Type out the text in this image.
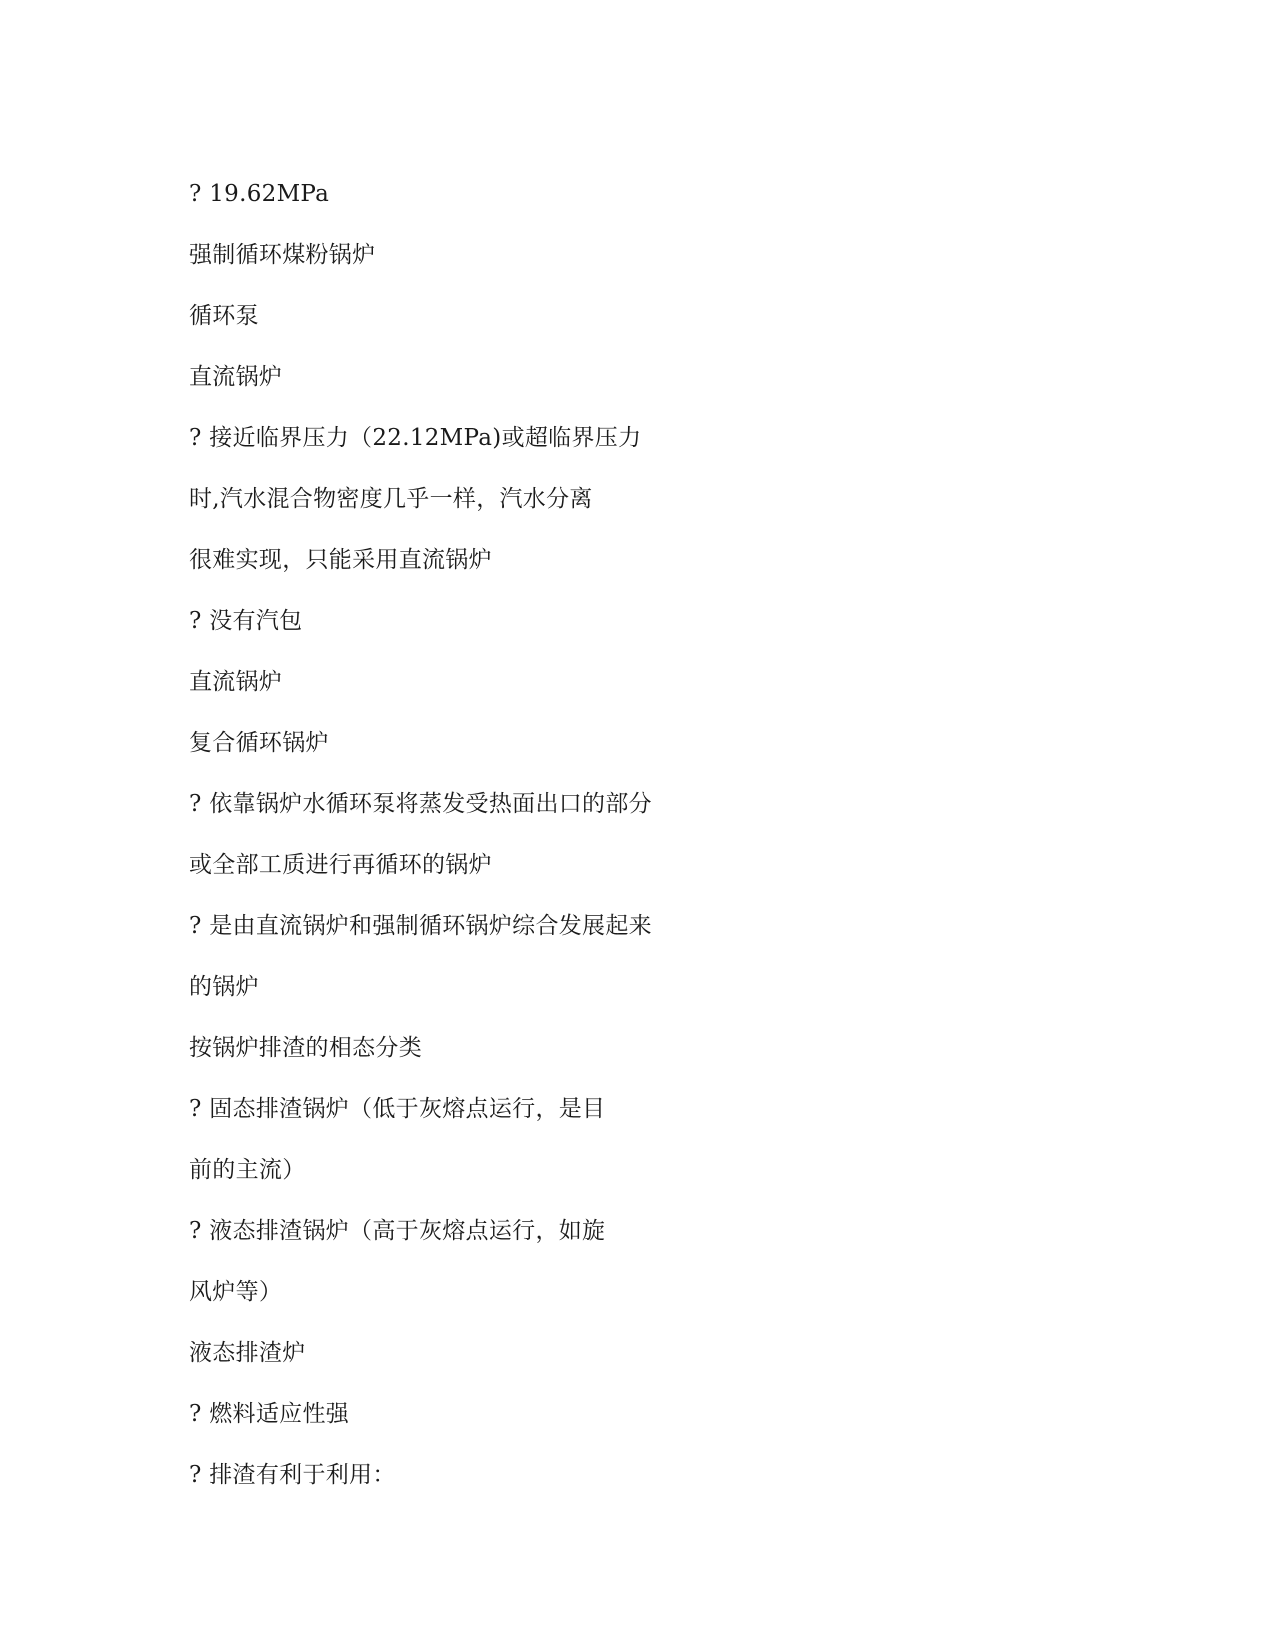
? 19.62MPa
强制循环煤粉锅炉
循环泵
直流锅炉
? 接近临界压力（22.12MPa)或超临界压力
时,汽水混合物密度几乎一样，汽水分离
很难实现，只能采用直流锅炉
? 没有汽包
直流锅炉
复合循环锅炉
? 依靠锅炉水循环泵将蒸发受热面出口的部分
或全部工质进行再循环的锅炉
? 是由直流锅炉和强制循环锅炉综合发展起来
的锅炉
按锅炉排渣的相态分类
? 固态排渣锅炉（低于灰熔点运行，是目
前的主流）
? 液态排渣锅炉（高于灰熔点运行，如旋
风炉等）
液态排渣炉
? 燃料适应性强
? 排渣有利于利用：
